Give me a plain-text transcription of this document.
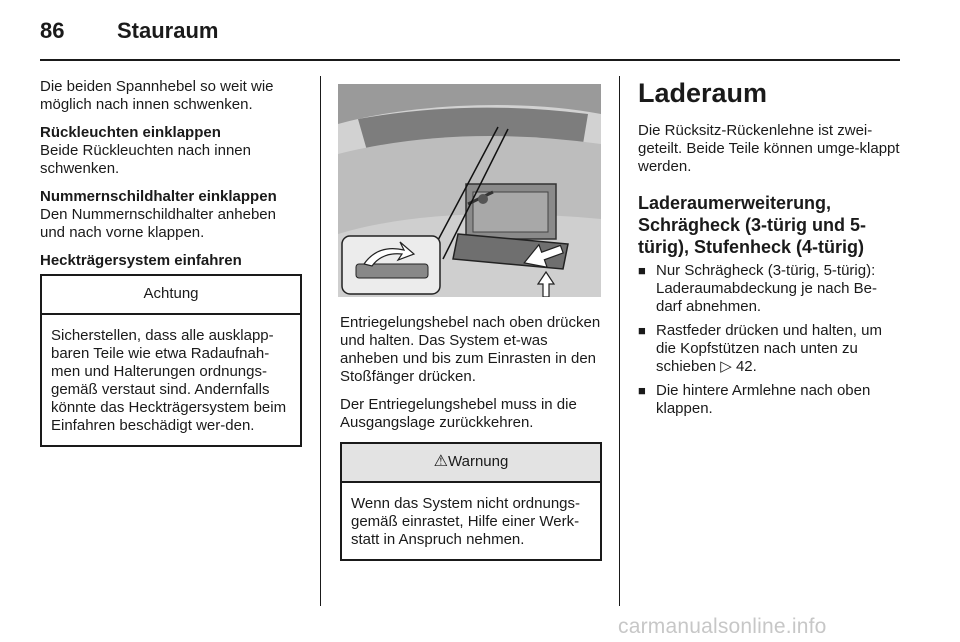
86 Stauraum

Die beiden Spannhebel so weit wie möglich nach innen schwenken.

Rückleuchten einklappen
Beide Rückleuchten nach innen schwenken.

Nummernschildhalter einklappen
Den Nummernschildhalter anheben und nach vorne klappen.

Heckträgersystem einfahren

Achtung
Sicherstellen, dass alle ausklapp-baren Teile wie etwa Radaufnah-men und Halterungen ordnungs-gemäß verstaut sind. Andernfalls könnte das Heckträgersystem beim Einfahren beschädigt wer-den.

Entriegelungshebel nach oben drücken und halten. Das System et-was anheben und bis zum Einrasten in den Stoßfänger drücken.

Der Entriegelungshebel muss in die Ausgangslage zurückkehren.

⚠Warnung
Wenn das System nicht ordnungs-gemäß einrastet, Hilfe einer Werk-statt in Anspruch nehmen.
Laderaum

Die Rücksitz-Rückenlehne ist zwei-geteilt. Beide Teile können umge-klappt werden.

Laderaumerweiterung, Schrägheck (3-türig und 5-türig), Stufenheck (4-türig)
■ Nur Schrägheck (3-türig, 5-türig): Laderaumabdeckung je nach Be-darf abnehmen.
■ Rastfeder drücken und halten, um die Kopfstützen nach unten zu schieben ▷ 42.
■ Die hintere Armlehne nach oben klappen.
carmanualsonline.info
